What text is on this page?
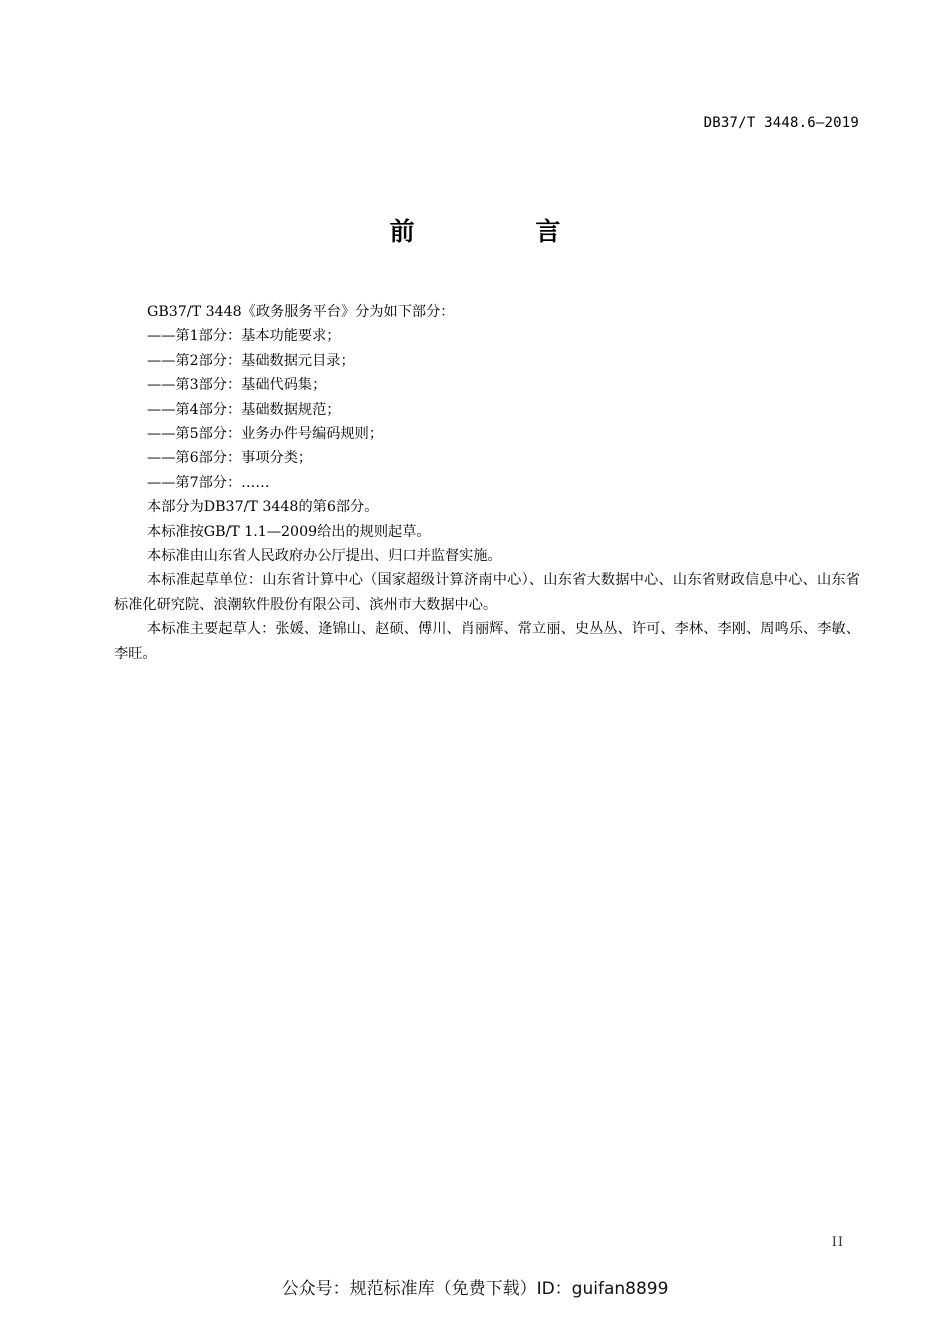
DB37/T 3448.6—2019
前 言

GB37/T 3448《政务服务平台》分为如下部分：

——第1部分：基本功能要求；

——第2部分：基础数据元目录；

——第3部分：基础代码集；

——第4部分：基础数据规范；

——第5部分：业务办件号编码规则；

——第6部分：事项分类；

——第7部分：……

本部分为DB37/T 3448的第6部分。

本标准按GB/T 1.1—2009给出的规则起草。

本标准由山东省人民政府办公厅提出、归口并监督实施。

本标准起草单位：山东省计算中心（国家超级计算济南中心）、山东省大数据中心、山东省财政信息中心、山东省标准化研究院、浪潮软件股份有限公司、滨州市大数据中心。

本标准主要起草人：张媛、逄锦山、赵硕、傅川、肖丽辉、常立丽、史丛丛、许可、李林、李刚、周鸣乐、李敏、李旺。

II
公众号：规范标准库（免费下载）ID：guifan8899
